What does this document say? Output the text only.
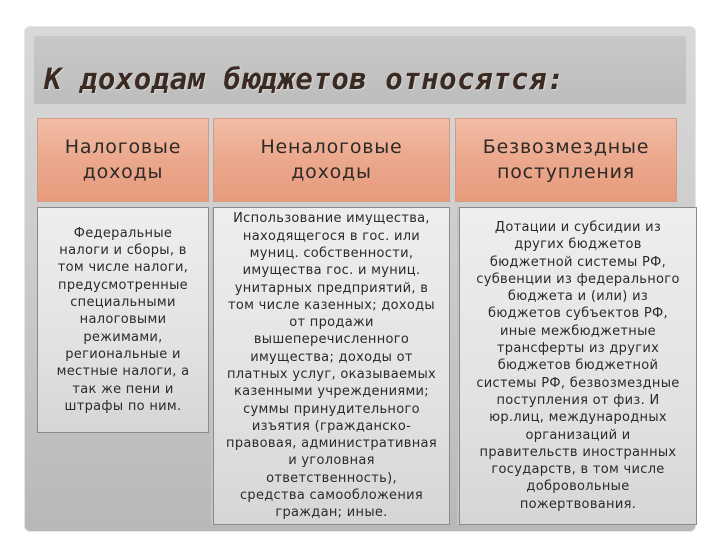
К доходам бюджетов относятся:
Налоговые
доходы
Неналоговые
доходы
Безвозмездные
поступления
Федеральные
налоги и сборы, в
том числе налоги,
предусмотренные
специальными
налоговыми
режимами,
региональные и
местные налоги, а
так же пени и
штрафы по ним.
Использование имущества,
находящегося в гос. или
муниц. собственности,
имущества гос. и муниц.
унитарных предприятий, в
том числе казенных; доходы
от продажи
вышеперечисленного
имущества; доходы от
платных услуг, оказываемых
казенными учреждениями;
суммы принудительного
изъятия (гражданско-
правовая, административная
и уголовная
ответственность),
средства самообложения
граждан; иные.
Дотации и субсидии из
других бюджетов
бюджетной системы РФ,
субвенции из федерального
бюджета и (или) из
бюджетов субъектов РФ,
иные межбюджетные
трансферты из других
бюджетов бюджетной
системы РФ, безвозмездные
поступления от физ. И
юр.лиц, международных
организаций и
правительств иностранных
государств, в том числе
добровольные
пожертвования.
